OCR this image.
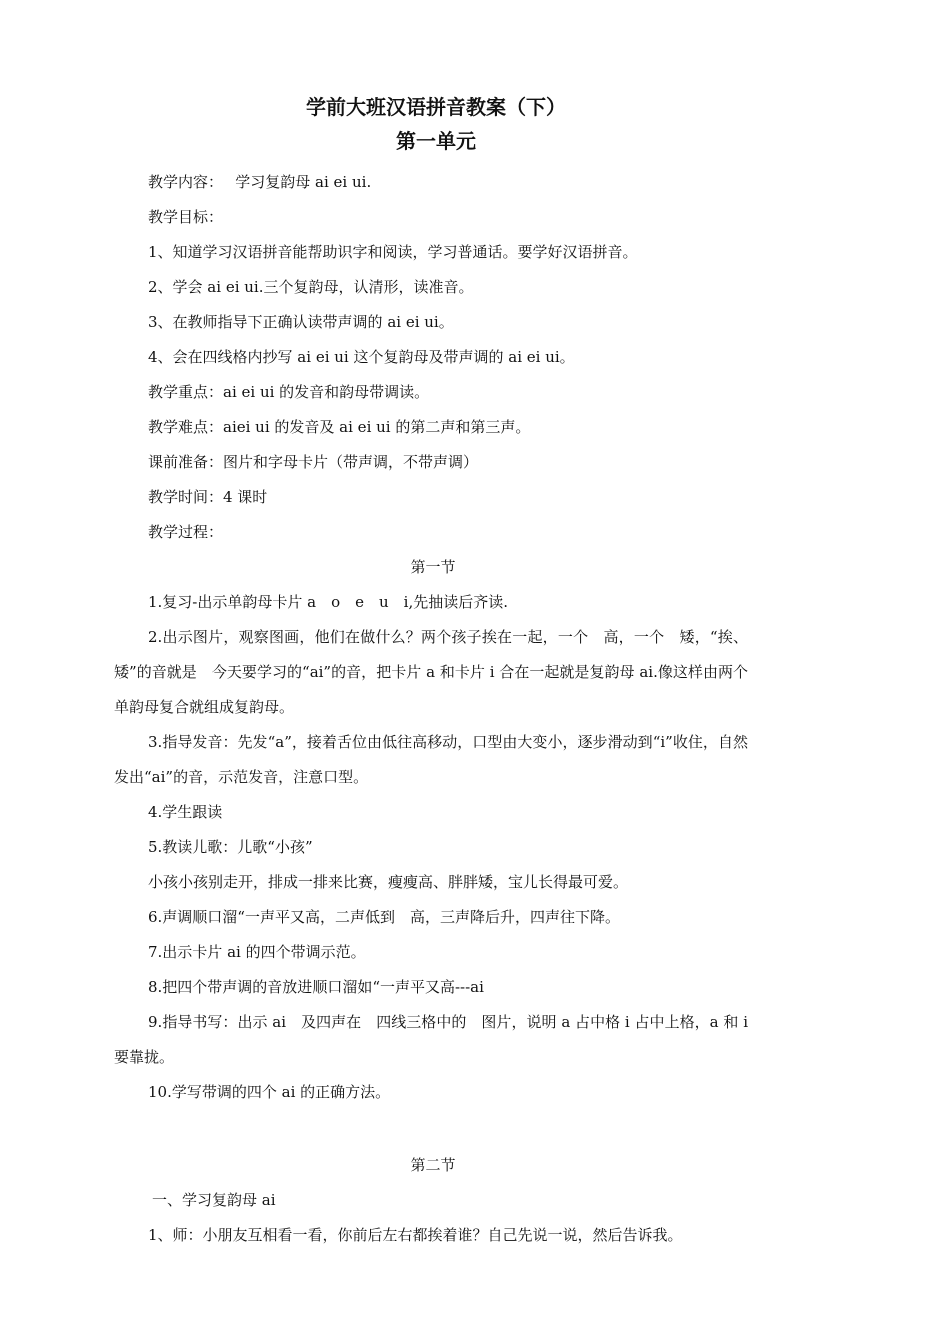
学前大班汉语拼音教案（下）
第一单元

教学内容：　 学习复韵母 ai ei ui.

教学目标：

1、知道学习汉语拼音能帮助识字和阅读，学习普通话。要学好汉语拼音。

2、学会 ai ei ui.三个复韵母，认清形，读准音。

3、在教师指导下正确认读带声调的 ai ei ui。

4、会在四线格内抄写 ai ei ui 这个复韵母及带声调的 ai ei ui。

教学重点：ai ei ui 的发音和韵母带调读。

教学难点：aiei ui 的发音及 ai ei ui 的第二声和第三声。

课前准备：图片和字母卡片（带声调，不带声调）

教学时间：4 课时

教学过程：

第一节

1.复习-出示单韵母卡片 a　o　e　u　i,先抽读后齐读.

2.出示图片，观察图画，他们在做什么？两个孩子挨在一起，一个　高，一个　矮，“挨、矮”的音就是　今天要学习的“ai”的音，把卡片 a 和卡片 i 合在一起就是复韵母 ai.像这样由两个单韵母复合就组成复韵母。

3.指导发音：先发“a”，接着舌位由低往高移动，口型由大变小，逐步滑动到“i”收住，自然发出“ai”的音，示范发音，注意口型。

4.学生跟读

5.教读儿歌：儿歌“小孩”

小孩小孩别走开，排成一排来比赛，瘦瘦高、胖胖矮，宝儿长得最可爱。

6.声调顺口溜“一声平又高，二声低到　高，三声降后升，四声往下降。

7.出示卡片 ai 的四个带调示范。

8.把四个带声调的音放进顺口溜如“一声平又高---ai

9.指导书写：出示 ai　及四声在　四线三格中的　图片，说明 a 占中格 i 占中上格，a 和 i 要靠拢。

10.学写带调的四个 ai 的正确方法。

第二节

一、学习复韵母 ai

1、师：小朋友互相看一看，你前后左右都挨着谁？自己先说一说，然后告诉我。
